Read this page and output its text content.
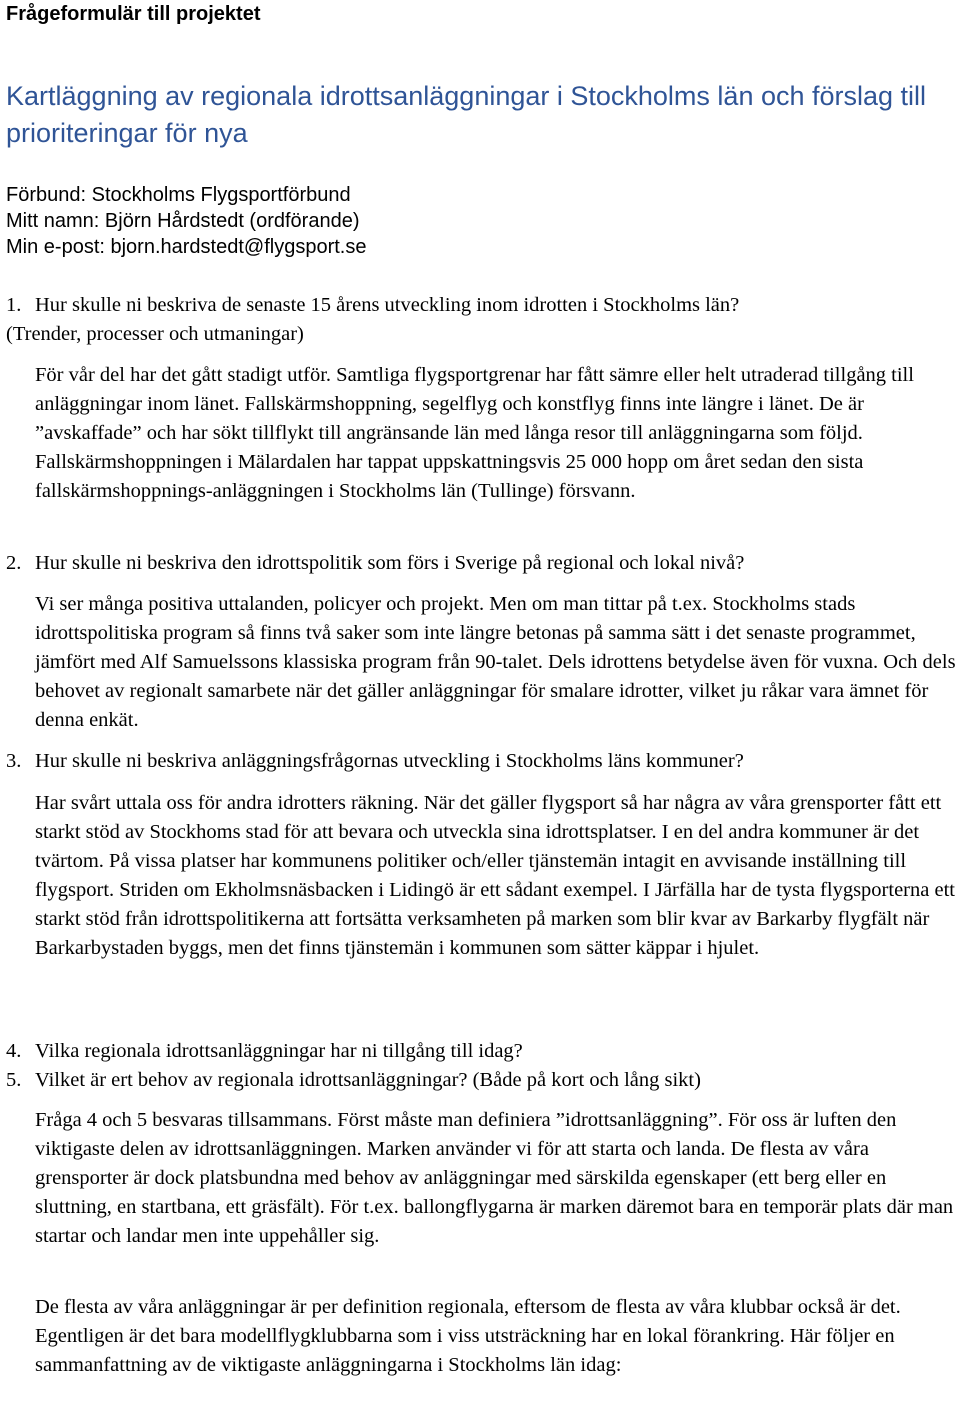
Frågeformulär till projektet
Kartläggning av regionala idrottsanläggningar i Stockholms län och förslag till prioriteringar för nya
Förbund: Stockholms Flygsportförbund
Mitt namn: Björn Hårdstedt (ordförande)
Min e-post: bjorn.hardstedt@flygsport.se

1. Hur skulle ni beskriva de senaste 15 årens utveckling inom idrotten i Stockholms län?
(Trender, processer och utmaningar)

För vår del har det gått stadigt utför. Samtliga flygsportgrenar har fått sämre eller helt utraderad tillgång till anläggningar inom länet. Fallskärmshoppning, segelflyg och konstflyg finns inte längre i länet. De är ”avskaffade” och har sökt tillflykt till angränsande län med långa resor till anläggningarna som följd. Fallskärmshoppningen i Mälardalen har tappat uppskattningsvis 25 000 hopp om året sedan den sista fallskärmshoppnings-anläggningen i Stockholms län (Tullinge) försvann.

2. Hur skulle ni beskriva den idrottspolitik som förs i Sverige på regional och lokal nivå?

Vi ser många positiva uttalanden, policyer och projekt. Men om man tittar på t.ex. Stockholms stads idrottspolitiska program så finns två saker som inte längre betonas på samma sätt i det senaste programmet, jämfört med Alf Samuelssons klassiska program från 90-talet. Dels idrottens betydelse även för vuxna. Och dels behovet av regionalt samarbete när det gäller anläggningar för smalare idrotter, vilket ju råkar vara ämnet för denna enkät.

3. Hur skulle ni beskriva anläggningsfrågornas utveckling i Stockholms läns kommuner?

Har svårt uttala oss för andra idrotters räkning. När det gäller flygsport så har några av våra grensporter fått ett starkt stöd av Stockhoms stad för att bevara och utveckla sina idrottsplatser. I en del andra kommuner är det tvärtom. På vissa platser har kommunens politiker och/eller tjänstemän intagit en avvisande inställning till flygsport. Striden om Ekholmsnäsbacken i Lidingö är ett sådant exempel. I Järfälla har de tysta flygsporterna ett starkt stöd från idrottspolitikerna att fortsätta verksamheten på marken som blir kvar av Barkarby flygfält när Barkarbystaden byggs, men det finns tjänstemän i kommunen som sätter käppar i hjulet.

4. Vilka regionala idrottsanläggningar har ni tillgång till idag?

5. Vilket är ert behov av regionala idrottsanläggningar? (Både på kort och lång sikt)

Fråga 4 och 5 besvaras tillsammans. Först måste man definiera ”idrottsanläggning”. För oss är luften den viktigaste delen av idrottsanläggningen. Marken använder vi för att starta och landa. De flesta av våra grensporter är dock platsbundna med behov av anläggningar med särskilda egenskaper (ett berg eller en sluttning, en startbana, ett gräsfält). För t.ex. ballongflygarna är marken däremot bara en temporär plats där man startar och landar men inte uppehåller sig.

De flesta av våra anläggningar är per definition regionala, eftersom de flesta av våra klubbar också är det. Egentligen är det bara modellflygklubbarna som i viss utsträckning har en lokal förankring. Här följer en sammanfattning av de viktigaste anläggningarna i Stockholms län idag:
